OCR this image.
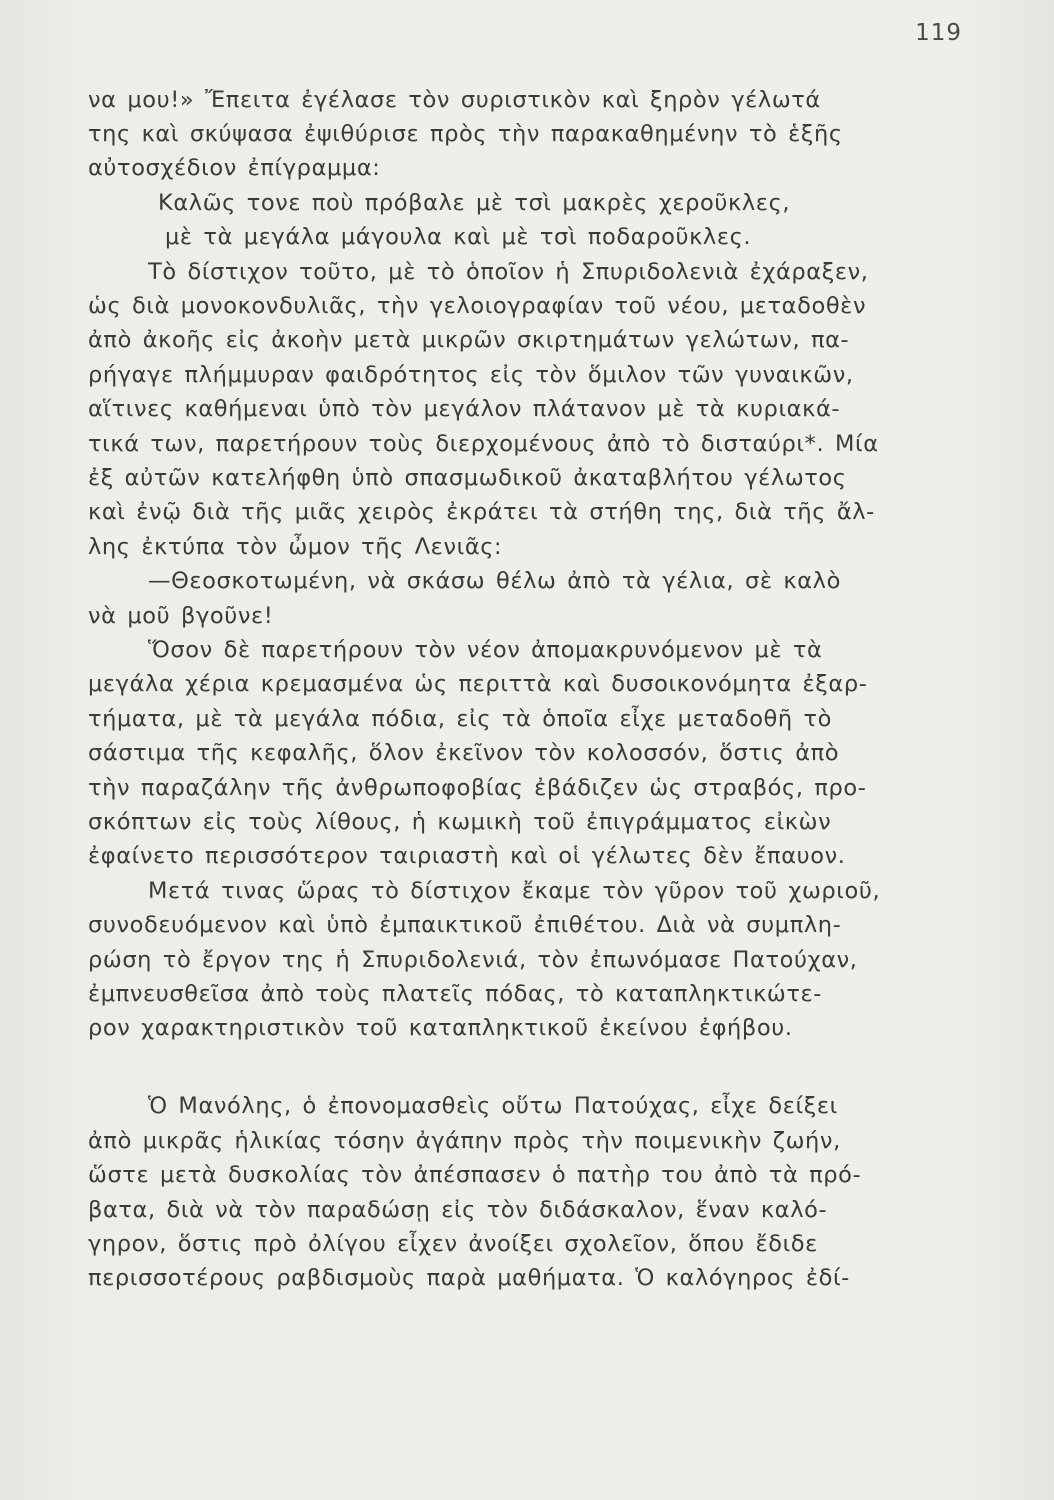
119
να μου!» Ἔπειτα ἐγέλασε τὸν συριστικὸν καὶ ξηρὸν γέλωτά
της καὶ σκύψασα ἐψιθύρισε πρὸς τὴν παρακαθημένην τὸ ἑξῆς
αὐτοσχέδιον ἐπίγραμμα:
Καλῶς τονε ποὺ πρόβαλε μὲ τσὶ μακρὲς χεροῦκλες,
μὲ τὰ μεγάλα μάγουλα καὶ μὲ τσὶ ποδαροῦκλες.
Τὸ δίστιχον τοῦτο, μὲ τὸ ὁποῖον ἡ Σπυριδολενιὰ ἐχάραξεν,
ὡς διὰ μονοκονδυλιᾶς, τὴν γελοιογραφίαν τοῦ νέου, μεταδοθὲν
ἀπὸ ἀκοῆς εἰς ἀκοὴν μετὰ μικρῶν σκιρτημάτων γελώτων, πα-
ρήγαγε πλήμμυραν φαιδρότητος εἰς τὸν ὅμιλον τῶν γυναικῶν,
αἵτινες καθήμεναι ὑπὸ τὸν μεγάλον πλάτανον μὲ τὰ κυριακά-
τικά των, παρετήρουν τοὺς διερχομένους ἀπὸ τὸ δισταύρι*. Μία
ἐξ αὐτῶν κατελήφθη ὑπὸ σπασμωδικοῦ ἀκαταβλήτου γέλωτος
καὶ ἐνῷ διὰ τῆς μιᾶς χειρὸς ἐκράτει τὰ στήθη της, διὰ τῆς ἄλ-
λης ἐκτύπα τὸν ὦμον τῆς Λενιᾶς:
—Θεοσκοτωμένη, νὰ σκάσω θέλω ἀπὸ τὰ γέλια, σὲ καλὸ
νὰ μοῦ βγοῦνε!
Ὅσον δὲ παρετήρουν τὸν νέον ἀπομακρυνόμενον μὲ τὰ
μεγάλα χέρια κρεμασμένα ὡς περιττὰ καὶ δυσοικονόμητα ἐξαρ-
τήματα, μὲ τὰ μεγάλα πόδια, εἰς τὰ ὁποῖα εἶχε μεταδοθῆ τὸ
σάστιμα τῆς κεφαλῆς, ὅλον ἐκεῖνον τὸν κολοσσόν, ὅστις ἀπὸ
τὴν παραζάλην τῆς ἀνθρωποφοβίας ἐβάδιζεν ὡς στραβός, προ-
σκόπτων εἰς τοὺς λίθους, ἡ κωμικὴ τοῦ ἐπιγράμματος εἰκὼν
ἐφαίνετο περισσότερον ταιριαστὴ καὶ οἱ γέλωτες δὲν ἔπαυον.
Μετά τινας ὥρας τὸ δίστιχον ἔκαμε τὸν γῦρον τοῦ χωριοῦ,
συνοδευόμενον καὶ ὑπὸ ἐμπαικτικοῦ ἐπιθέτου. Διὰ νὰ συμπλη-
ρώση τὸ ἔργον της ἡ Σπυριδολενιά, τὸν ἐπωνόμασε Πατούχαν,
ἐμπνευσθεῖσα ἀπὸ τοὺς πλατεῖς πόδας, τὸ καταπληκτικώτε-
ρον χαρακτηριστικὸν τοῦ καταπληκτικοῦ ἐκείνου ἐφήβου.
Ὁ Μανόλης, ὁ ἐπονομασθεὶς οὕτω Πατούχας, εἶχε δείξει
ἀπὸ μικρᾶς ἡλικίας τόσην ἀγάπην πρὸς τὴν ποιμενικὴν ζωήν,
ὥστε μετὰ δυσκολίας τὸν ἀπέσπασεν ὁ πατὴρ του ἀπὸ τὰ πρό-
βατα, διὰ νὰ τὸν παραδώσῃ εἰς τὸν διδάσκαλον, ἕναν καλό-
γηρον, ὅστις πρὸ ὀλίγου εἶχεν ἀνοίξει σχολεῖον, ὅπου ἔδιδε
περισσοτέρους ραβδισμοὺς παρὰ μαθήματα. Ὁ καλόγηρος ἐδί-
